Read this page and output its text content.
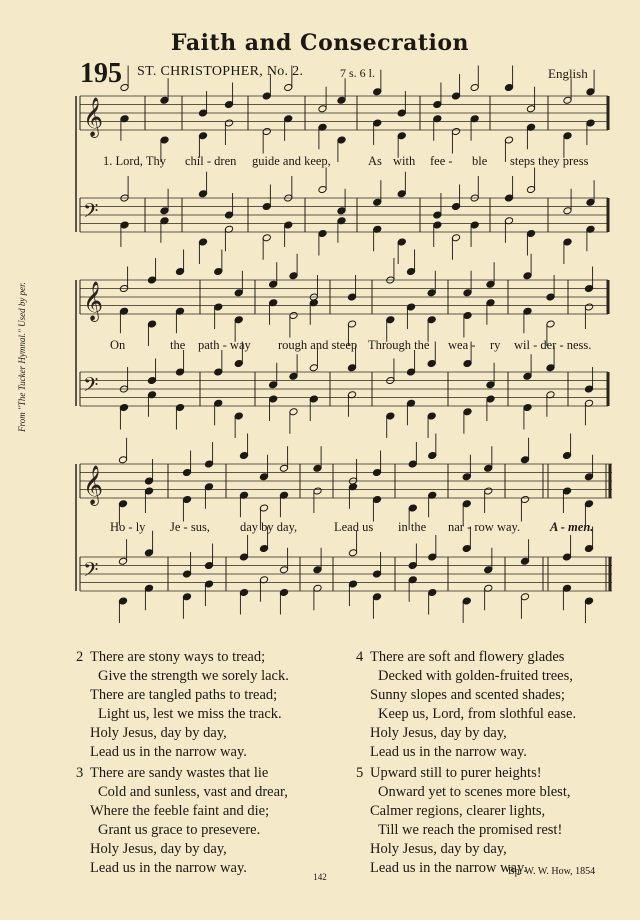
Faith and Consecration
195 ST. CHRISTOPHER, No. 2.	7 s. 6 l.	English
From "The Tucker Hymnal." Used by per.
𝄞
𝄢
𝄞
𝄢
𝄞
𝄢
1. Lord, Thy chil - dren guide and keep,	As with fee - ble steps they press
On	the path - way rough and steep Through the wea - ry wil - der - ness.
Ho - ly Je - sus, day by day,	Lead us in the nar - row way. A - men.
2 There are stony ways to tread;
Give the strength we sorely lack.
There are tangled paths to tread;
Light us, lest we miss the track.
Holy Jesus, day by day,
Lead us in the narrow way.
4 There are soft and flowery glades
Decked with golden-fruited trees,
Sunny slopes and scented shades;
Keep us, Lord, from slothful ease.
Holy Jesus, day by day,
Lead us in the narrow way.
3 There are sandy wastes that lie
Cold and sunless, vast and drear,
Where the feeble faint and die;
Grant us grace to presevere.
Holy Jesus, day by day,
Lead us in the narrow way.
5 Upward still to purer heights!
Onward yet to scenes more blest,
Calmer regions, clearer lights,
Till we reach the promised rest!
Holy Jesus, day by day,
Lead us in the narrow way.
142	Bp. W. W. How, 1854
